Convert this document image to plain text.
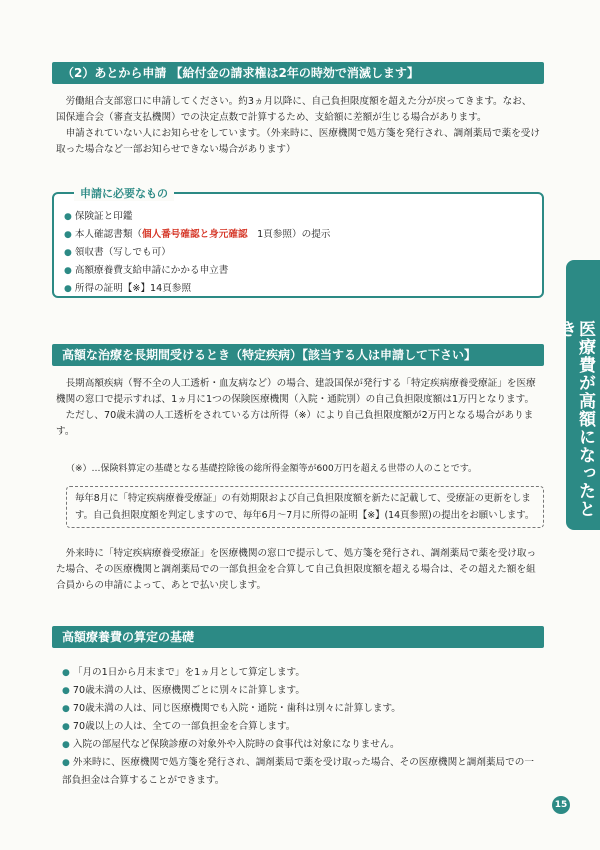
（2）あとから申請 【給付金の請求権は2年の時効で消滅します】

労働組合支部窓口に申請してください。約3ヵ月以降に、自己負担限度額を超えた分が戻ってきます。なお、国保連合会（審査支払機関）での決定点数で計算するため、支給額に差額が生じる場合があります。

申請されていない人にお知らせをしています。（外来時に、医療機関で処方箋を発行され、調剤薬局で薬を受け取った場合など一部お知らせできない場合があります）

申請に必要なもの
● 保険証と印鑑
● 本人確認書類（個人番号確認と身元確認　1頁参照）の提示
● 領収書（写しでも可）
● 高額療養費支給申請にかかる申立書
● 所得の証明【※】14頁参照
高額な治療を長期間受けるとき（特定疾病）【該当する人は申請して下さい】

長期高額疾病（腎不全の人工透析・血友病など）の場合、建設国保が発行する「特定疾病療養受療証」を医療機関の窓口で提示すれば、1ヵ月に1つの保険医療機関（入院・通院別）の自己負担限度額は1万円となります。

ただし、70歳未満の人工透析をされている方は所得（※）により自己負担限度額が2万円となる場合があります。

（※）…保険料算定の基礎となる基礎控除後の総所得金額等が600万円を超える世帯の人のことです。
毎年8月に「特定疾病療養受療証」の有効期限および自己負担限度額を新たに記載して、受療証の更新をします。自己負担限度額を判定しますので、毎年6月〜7月に所得の証明【※】(14頁参照)の提出をお願いします。

外来時に「特定疾病療養受療証」を医療機関の窓口で提示して、処方箋を発行され、調剤薬局で薬を受け取った場合、その医療機関と調剤薬局での一部負担金を合算して自己負担限度額を超える場合は、その超えた額を組合員からの申請によって、あとで払い戻します。

高額療養費の算定の基礎
● 「月の1日から月末まで」を1ヵ月として算定します。
● 70歳未満の人は、医療機関ごとに別々に計算します。
● 70歳未満の人は、同じ医療機関でも入院・通院・歯科は別々に計算します。
● 70歳以上の人は、全ての一部負担金を合算します。
● 入院の部屋代など保険診療の対象外や入院時の食事代は対象になりません。
● 外来時に、医療機関で処方箋を発行され、調剤薬局で薬を受け取った場合、その医療機関と調剤薬局での一部負担金は合算することができます。
医療費が高額になったとき
15
